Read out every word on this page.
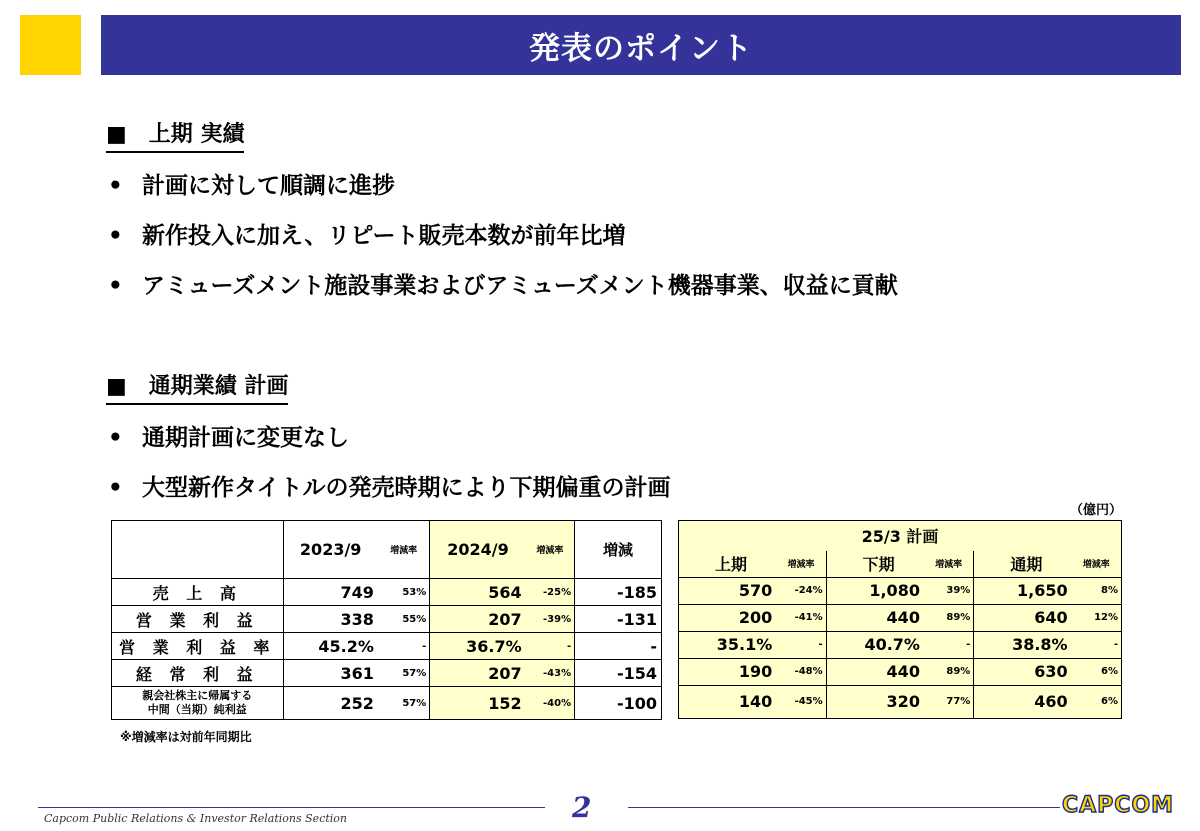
発表のポイント
■　上期 実績
• 計画に対して順調に進捗
• 新作投入に加え、リピート販売本数が前年比増
• アミューズメント施設事業およびアミューズメント機器事業、収益に貢献
■　通期業績 計画
• 通期計画に変更なし
• 大型新作タイトルの発売時期により下期偏重の計画
（億円）
	2023/9	増減率	2024/9	増減率	増減
売 上 高	749	53%	564	-25%	-185
営 業 利 益	338	55%	207	-39%	-131
営 業 利 益 率	45.2%	-	36.7%	-	-
経 常 利 益	361	57%	207	-43%	-154
親会社株主に帰属する
中間（当期）純利益	252	57%	152	-40%	-100
25/3 計画					
上期	増減率	下期	増減率	通期	増減率
570	-24%	1,080	39%	1,650	8%
200	-41%	440	89%	640	12%
35.1%	-	40.7%	-	38.8%	-
190	-48%	440	89%	630	6%
140	-45%	320	77%	460	6%
※増減率は対前年同期比
Capcom Public Relations & Investor Relations Section	2	CAPCOM
